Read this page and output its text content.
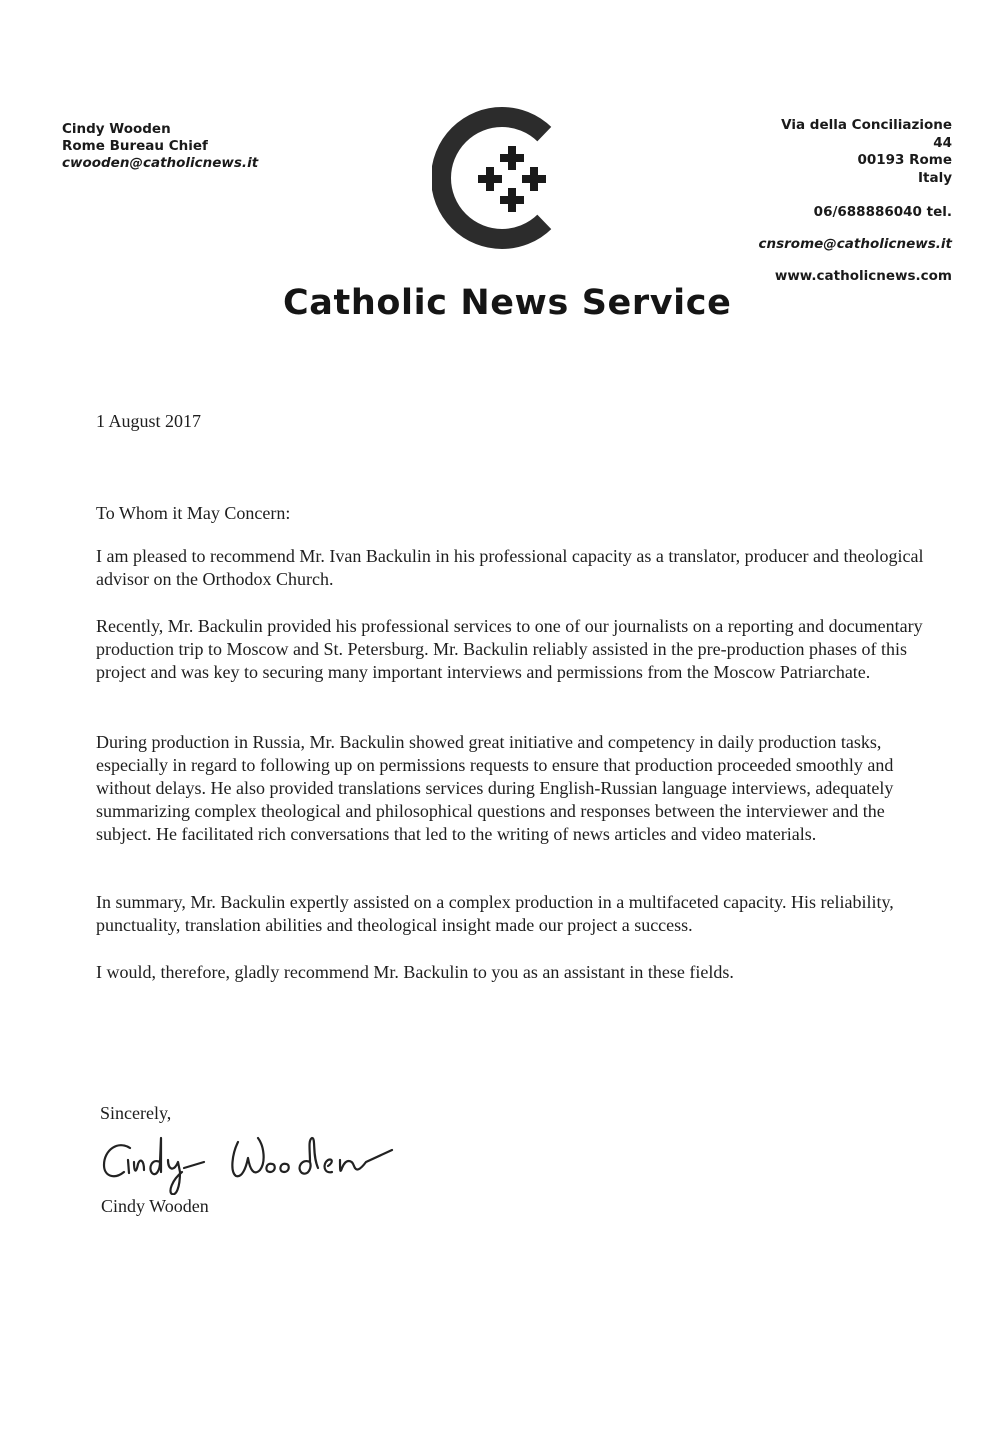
Cindy Wooden
Rome Bureau Chief
cwooden@catholicnews.it
Via della Conciliazione
44
00193 Rome
Italy
06/688886040 tel.
cnsrome@catholicnews.it
www.catholicnews.com
Catholic News Service
1 August 2017
To Whom it May Concern:

I am pleased to recommend Mr. Ivan Backulin in his professional capacity as a translator, producer and theological advisor on the Orthodox Church.

Recently, Mr. Backulin provided his professional services to one of our journalists on a reporting and documentary production trip to Moscow and St. Petersburg. Mr. Backulin reliably assisted in the pre-production phases of this project and was key to securing many important interviews and permissions from the Moscow Patriarchate.

During production in Russia, Mr. Backulin showed great initiative and competency in daily production tasks, especially in regard to following up on permissions requests to ensure that production proceeded smoothly and without delays. He also provided translations services during English-Russian language interviews, adequately summarizing complex theological and philosophical questions and responses between the interviewer and the subject. He facilitated rich conversations that led to the writing of news articles and video materials.

In summary, Mr. Backulin expertly assisted on a complex production in a multifaceted capacity. His reliability, punctuality, translation abilities and theological insight made our project a success.

I would, therefore, gladly recommend Mr. Backulin to you as an assistant in these fields.

Sincerely,
Cindy Wooden
